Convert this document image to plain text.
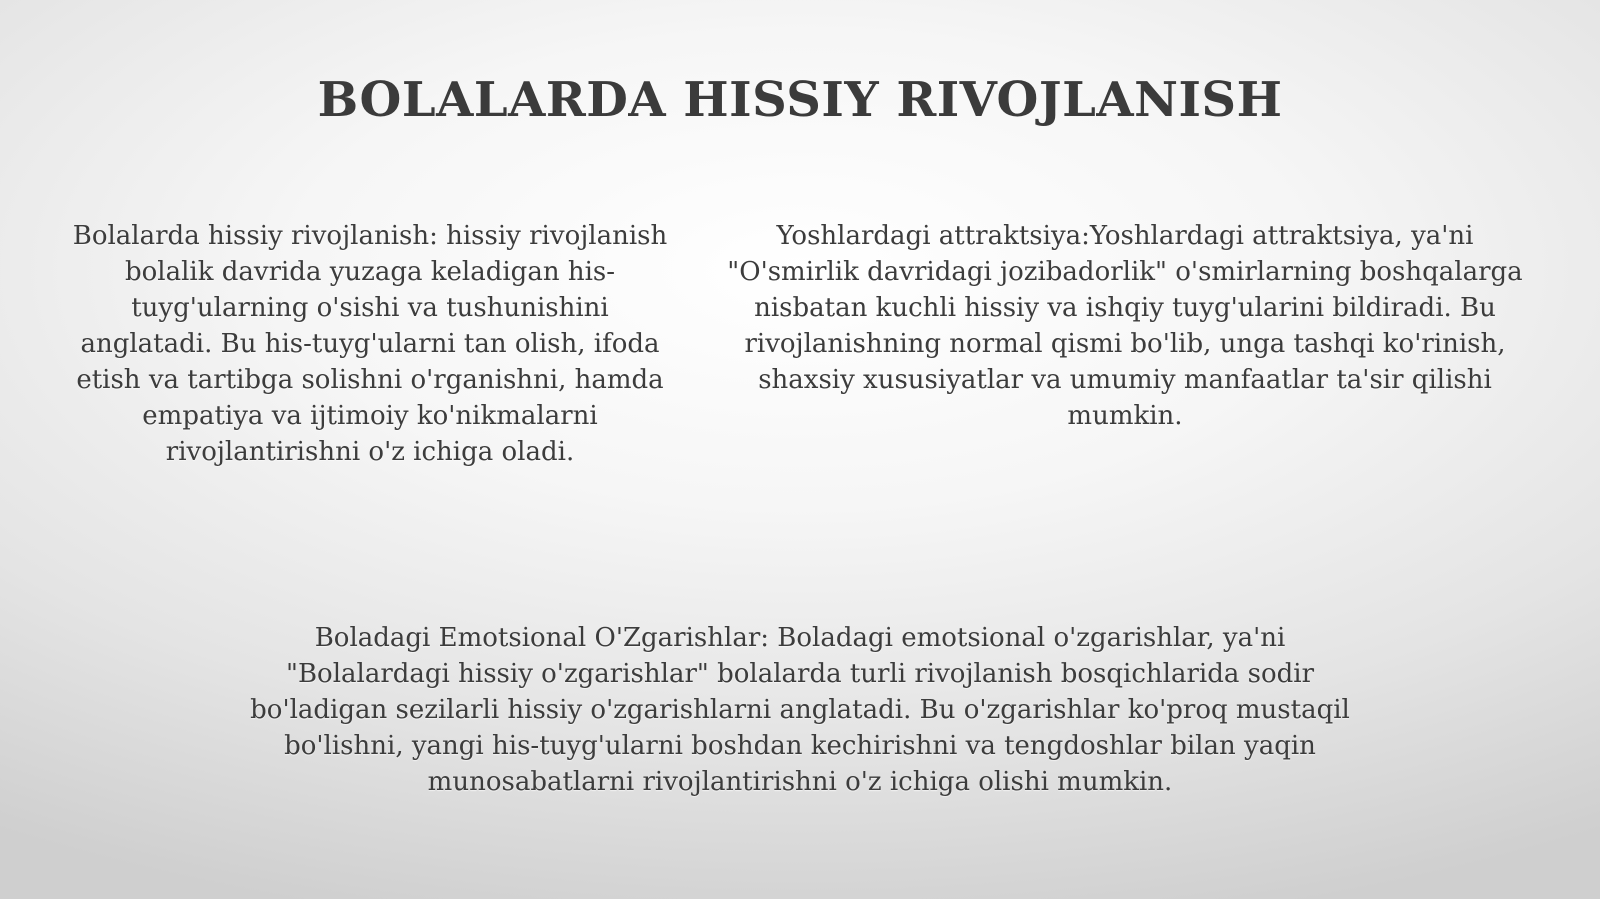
BOLALARDA HISSIY RIVOJLANISH

Bolalarda hissiy rivojlanish: hissiy rivojlanish bolalik davrida yuzaga keladigan his-tuyg'ularning o'sishi va tushunishini anglatadi. Bu his-tuyg'ularni tan olish, ifoda etish va tartibga solishni o'rganishni, hamda empatiya va ijtimoiy ko'nikmalarni rivojlantirishni o'z ichiga oladi.

Yoshlardagi attraktsiya:Yoshlardagi attraktsiya, ya'ni "O'smirlik davridagi jozibadorlik" o'smirlarning boshqalarga nisbatan kuchli hissiy va ishqiy tuyg'ularini bildiradi. Bu rivojlanishning normal qismi bo'lib, unga tashqi ko'rinish, shaxsiy xususiyatlar va umumiy manfaatlar ta'sir qilishi mumkin.

Boladagi Emotsional O'Zgarishlar: Boladagi emotsional o'zgarishlar, ya'ni "Bolalardagi hissiy o'zgarishlar" bolalarda turli rivojlanish bosqichlarida sodir bo'ladigan sezilarli hissiy o'zgarishlarni anglatadi. Bu o'zgarishlar ko'proq mustaqil bo'lishni, yangi his-tuyg'ularni boshdan kechirishni va tengdoshlar bilan yaqin munosabatlarni rivojlantirishni o'z ichiga olishi mumkin.
